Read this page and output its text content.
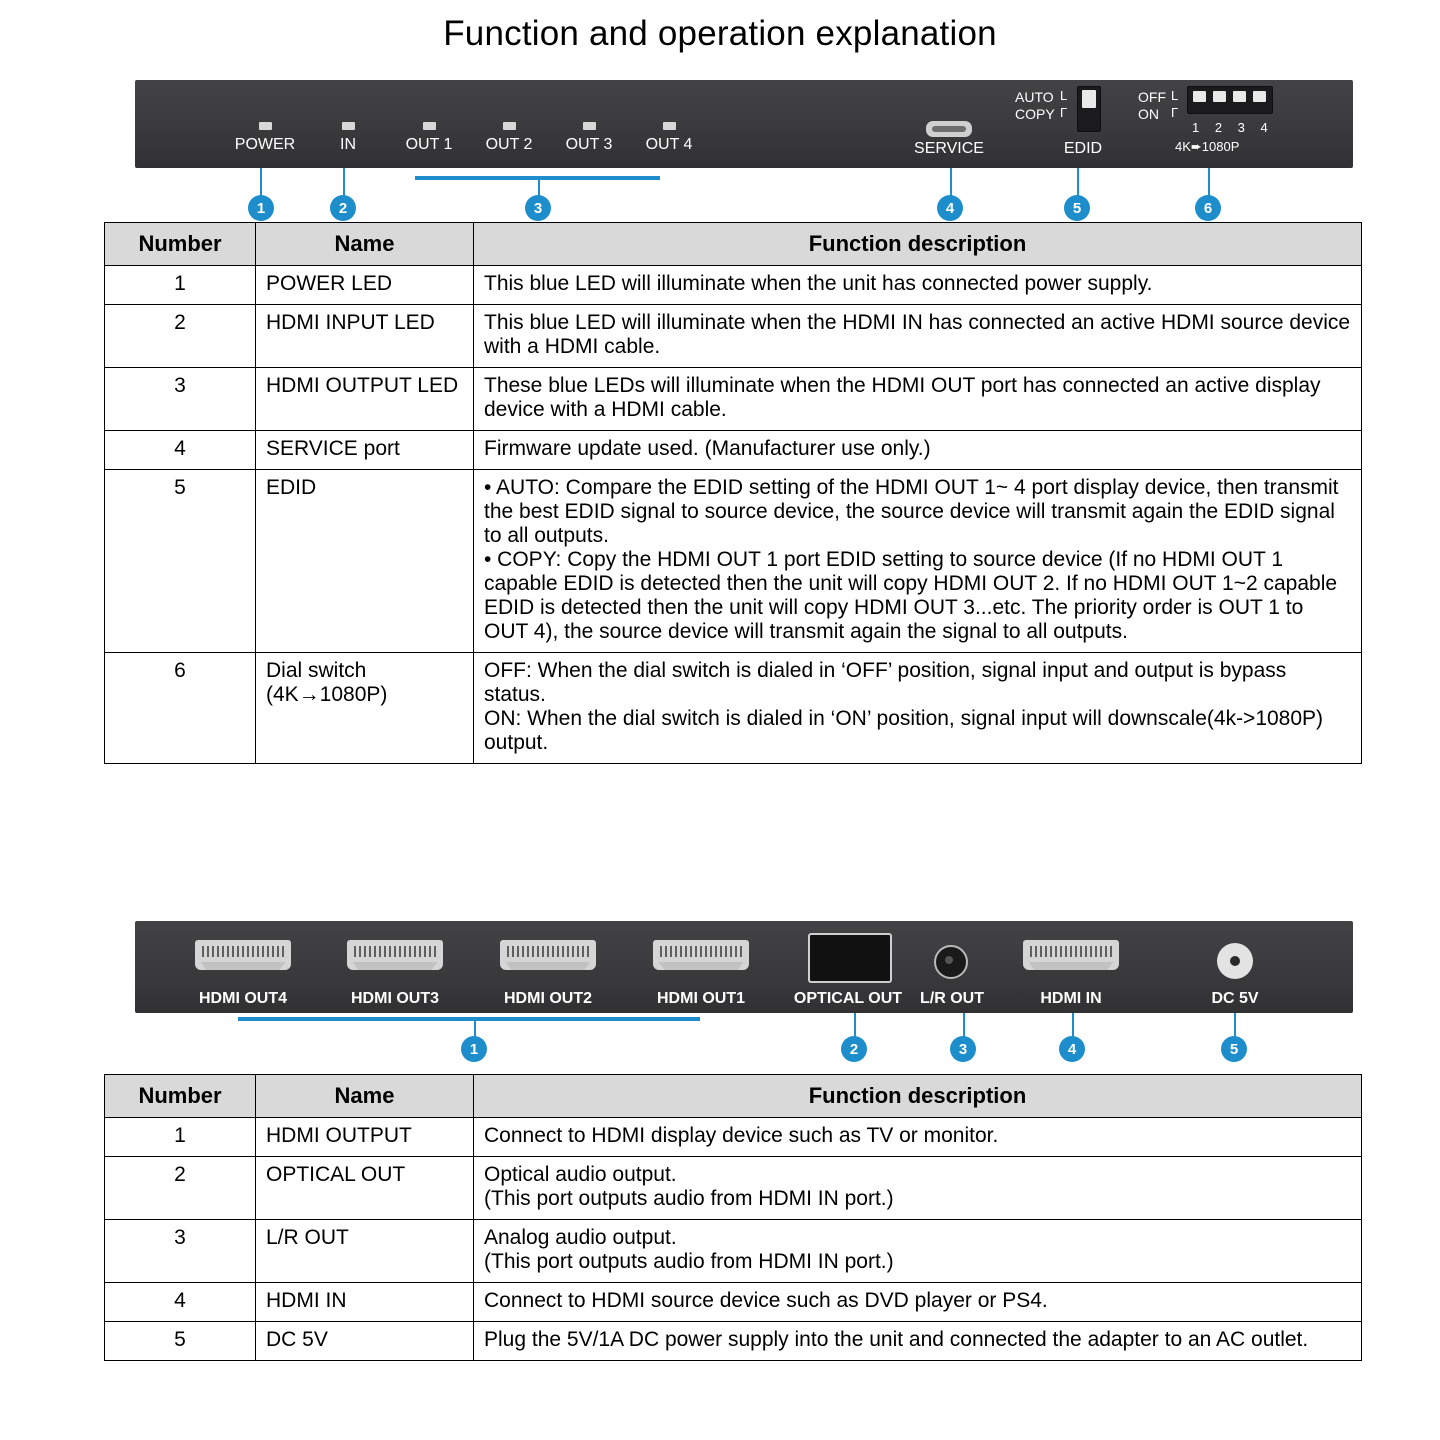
Function and operation explanation
POWER	IN	OUT 1	OUT 2	OUT 3	OUT 4	SERVICE
AUTO
COPY
L
Γ
EDID
OFF
ON
L
Γ
1 2 3 4
4K➨1080P
1	2	3	4	5	6
Number	Name	Function description
1	POWER LED	This blue LED will illuminate when the unit has connected power supply.

2	HDMI INPUT LED	This blue LED will illuminate when the HDMI IN has connected an active HDMI source device with a HDMI cable.

3	HDMI OUTPUT LED	These blue LEDs will illuminate when the HDMI OUT port has connected an active display device with a HDMI cable.

4	SERVICE port	Firmware update used. (Manufacturer use only.)

5	EDID	• AUTO: Compare the EDID setting of the HDMI OUT 1~ 4 port display device, then transmit the best EDID signal to source device, the source device will transmit again the EDID signal to all outputs.

• COPY: Copy the HDMI OUT 1 port EDID setting to source device (If no HDMI OUT 1 capable EDID is detected then the unit will copy HDMI OUT 2. If no HDMI OUT 1~2 capable EDID is detected then the unit will copy HDMI OUT 3...etc. The priority order is OUT 1 to OUT 4), the source device will transmit again the signal to all outputs.

6	Dial switch (4K→1080P)	OFF: When the dial switch is dialed in ‘OFF’ position, signal input and output is bypass status.

ON: When the dial switch is dialed in ‘ON’ position, signal input will downscale(4k->1080P) output.

HDMI OUT4	HDMI OUT3	HDMI OUT2	HDMI OUT1	OPTICAL OUT	L/R OUT	HDMI IN	DC 5V
1	2	3	4	5
Number	Name	Function description
1	HDMI OUTPUT	Connect to HDMI display device such as TV or monitor.

2	OPTICAL OUT	Optical audio output.

(This port outputs audio from HDMI IN port.)

3	L/R OUT	Analog audio output.

(This port outputs audio from HDMI IN port.)

4	HDMI IN	Connect to HDMI source device such as DVD player or PS4.

5	DC 5V	Plug the 5V/1A DC power supply into the unit and connected the adapter to an AC outlet.
